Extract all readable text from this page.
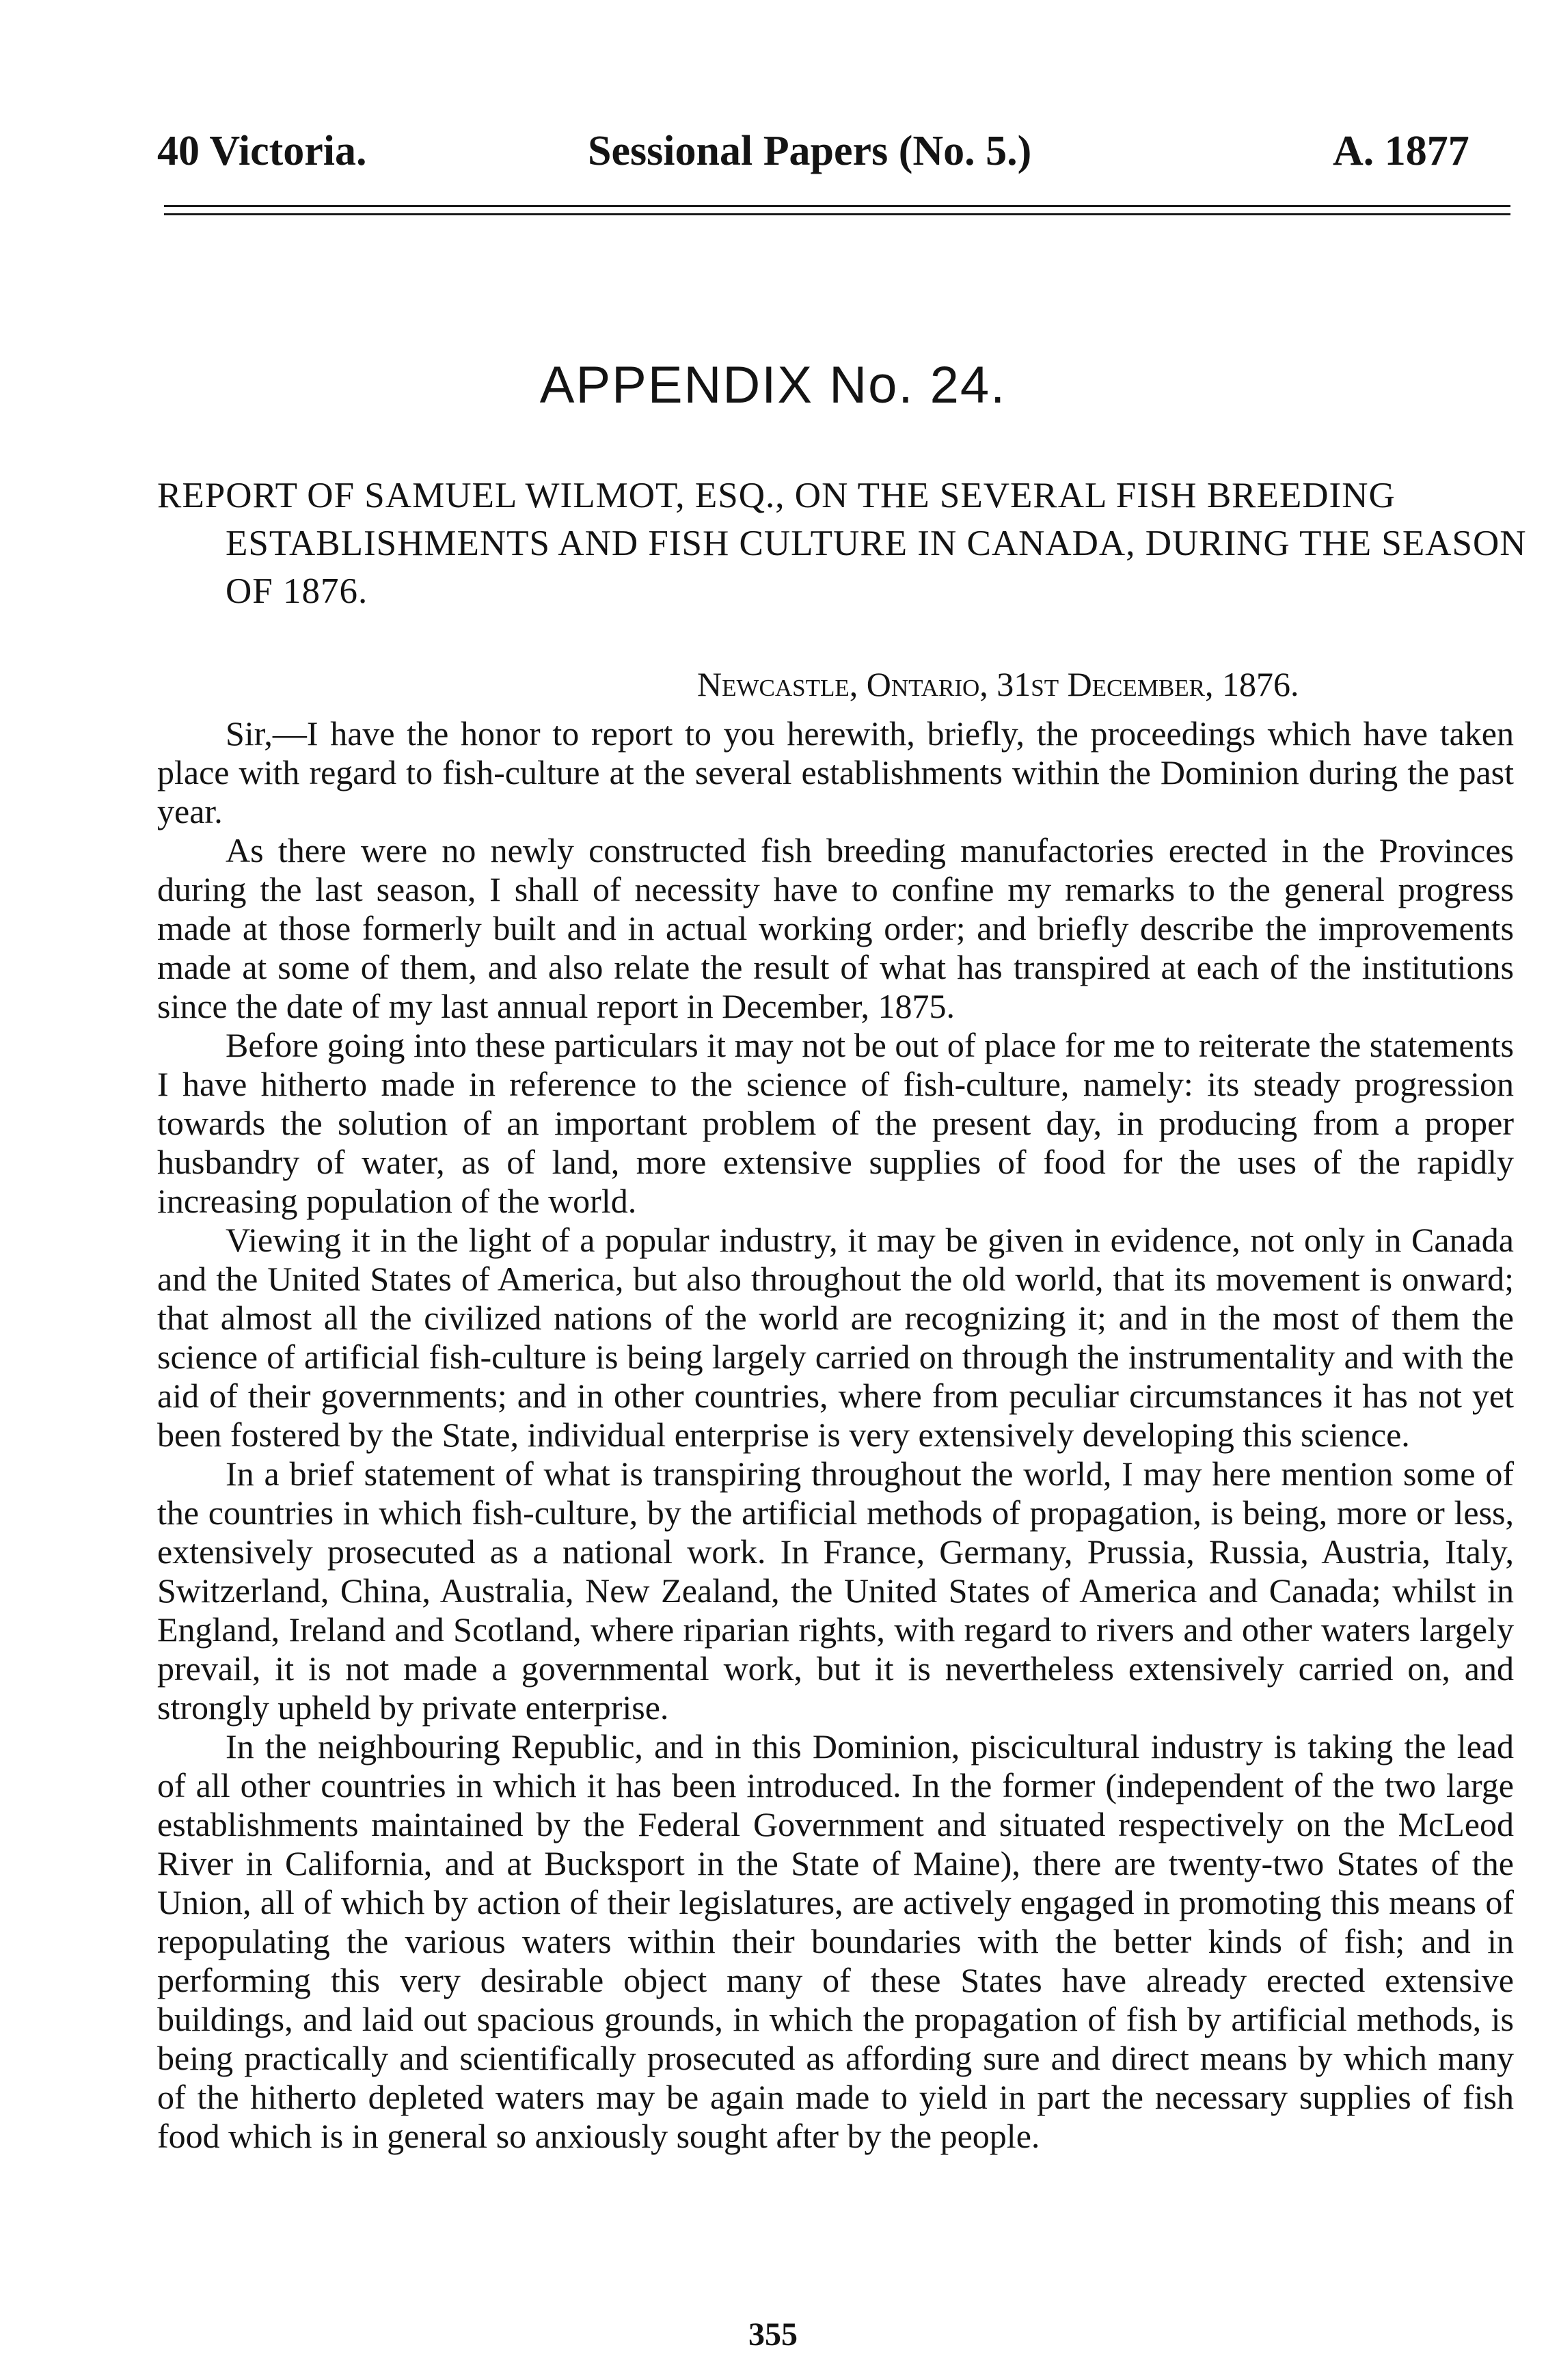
40 Victoria.	Sessional Papers (No. 5.)	A. 1877
APPENDIX No. 24.
REPORT OF SAMUEL WILMOT, ESQ., ON THE SEVERAL FISH BREEDING ESTABLISHMENTS AND FISH CULTURE IN CANADA, DURING THE SEASON OF 1876.
Newcastle, Ontario, 31st December, 1876.

Sir,—I have the honor to report to you herewith, briefly, the proceedings which have taken place with regard to fish-culture at the several establishments within the Dominion during the past year.

As there were no newly constructed fish breeding manufactories erected in the Provinces during the last season, I shall of necessity have to confine my remarks to the general progress made at those formerly built and in actual working order; and briefly describe the improvements made at some of them, and also relate the result of what has transpired at each of the institutions since the date of my last annual report in December, 1875.

Before going into these particulars it may not be out of place for me to reiterate the statements I have hitherto made in reference to the science of fish-culture, namely: its steady progression towards the solution of an important problem of the present day, in producing from a proper husbandry of water, as of land, more extensive supplies of food for the uses of the rapidly increasing population of the world.

Viewing it in the light of a popular industry, it may be given in evidence, not only in Canada and the United States of America, but also throughout the old world, that its movement is onward; that almost all the civilized nations of the world are recognizing it; and in the most of them the science of artificial fish-culture is being largely carried on through the instrumentality and with the aid of their governments; and in other countries, where from peculiar circumstances it has not yet been fostered by the State, individual enterprise is very extensively developing this science.

In a brief statement of what is transpiring throughout the world, I may here mention some of the countries in which fish-culture, by the artificial methods of propagation, is being, more or less, extensively prosecuted as a national work. In France, Germany, Prussia, Russia, Austria, Italy, Switzerland, China, Australia, New Zealand, the United States of America and Canada; whilst in England, Ireland and Scotland, where riparian rights, with regard to rivers and other waters largely prevail, it is not made a governmental work, but it is nevertheless extensively carried on, and strongly upheld by private enterprise.

In the neighbouring Republic, and in this Dominion, piscicultural industry is taking the lead of all other countries in which it has been introduced. In the former (independent of the two large establishments maintained by the Federal Government and situated respectively on the McLeod River in California, and at Bucksport in the State of Maine), there are twenty-two States of the Union, all of which by action of their legislatures, are actively engaged in promoting this means of repopulating the various waters within their boundaries with the better kinds of fish; and in performing this very desirable object many of these States have already erected extensive buildings, and laid out spacious grounds, in which the propagation of fish by artificial methods, is being practically and scientifically prosecuted as affording sure and direct means by which many of the hitherto depleted waters may be again made to yield in part the necessary supplies of fish food which is in general so anxiously sought after by the people.

355
